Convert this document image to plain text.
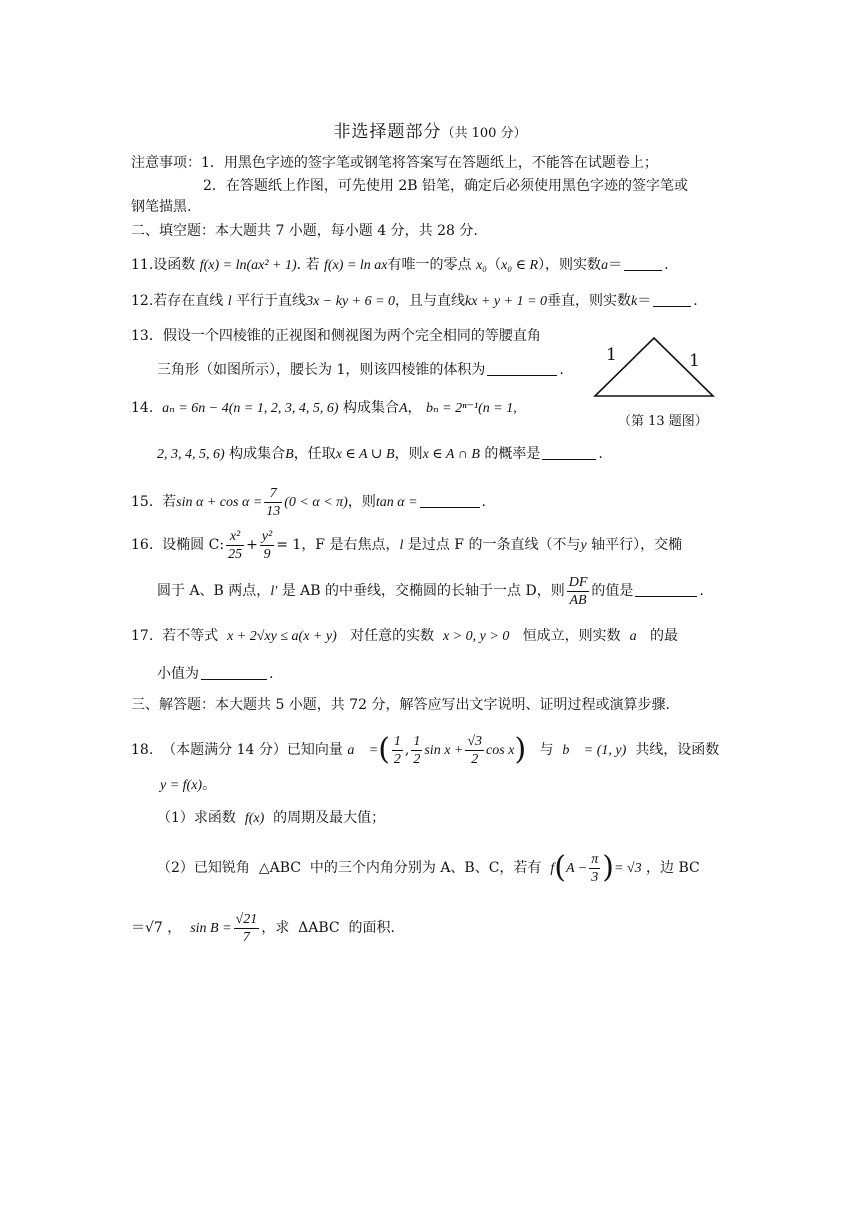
非选择题部分（共 100 分）
注意事项：1．用黑色字迹的签字笔或钢笔将答案写在答题纸上，不能答在试题卷上；
2．在答题纸上作图，可先使用 2B 铅笔，确定后必须使用黑色字迹的签字笔或
钢笔描黑.
二、填空题：本大题共 7 小题，每小题 4 分，共 28 分.
11.设函数 f(x) = ln(ax² + 1). 若 f(x) = ln ax有唯一的零点 x₀（x₀ ∈ R），则实数a＝	.
12.若存在直线 l 平行于直线3x − ky + 6 = 0，且与直线kx + y + 1 = 0垂直，则实数k＝	.
13．假设一个四棱锥的正视图和侧视图为两个完全相同的等腰直角
三角形（如图所示），腰长为 1，则该四棱锥的体积为	.
1	1
（第 13 题图）
14. aₙ = 6n − 4(n = 1, 2, 3, 4, 5, 6) 构成集合A， bₙ = 2ⁿ⁻¹(n = 1,
2, 3, 4, 5, 6) 构成集合B，任取x ∈ A ∪ B，则x ∈ A ∩ B 的概率是	.
15. 若$\sin \alpha + \cos \alpha = \frac{7}{13} (0 < \alpha < \pi)$，则tan α =	.
16. 设椭圆 C: $\frac{\text{x²}}{25} + \frac{\text{y²}}{9} = 1$，F 是右焦点，l 是过点 F 的一条直线（不与y 轴平行），交椭
圆于 A、B 两点，l′ 是 AB 的中垂线，交椭圆的长轴于一点 D，则 $\frac{DF}{AB}$ 的值是	.
17. 若不等式 x + 2√xy ≤ a(x + y) 对任意的实数 x > 0, y > 0 恒成立，则实数 a 的最
小值为	.
三、解答题：本大题共 5 小题，共 72 分，解答应写出文字说明、证明过程或演算步骤.
18. （本题满分 14 分）已知向量 a⃗ =( $\frac{1}{2}$ , $\frac{1}{2}$ $\sin x + \frac{√3}{2}$ cos x) 与 b⃗ = (1, y) 共线，设函数
y = f(x)。
（1）求函数 f(x) 的周期及最大值；
（2）已知锐角 △ABC 中的三个内角分别为 A、B、C，若有 $f(A - \frac{\pi}{3}$ )= √3 ，边 BC
＝√7 ， $\sin B = \frac{√21}{7}$ ，求 ΔABC 的面积.
